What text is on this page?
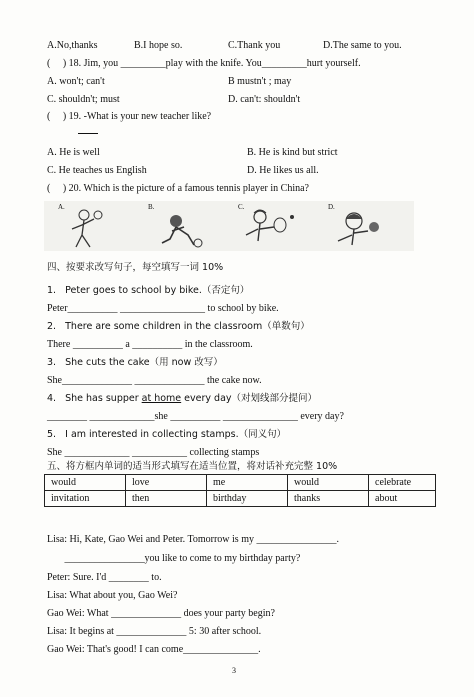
A.No,thanks	B.I hope so.	C.Thank you	D.The same to you.
(     ) 18. Jim, you _________play with the knife. You_________hurt yourself.
A. won't; can't	B mustn't ; may
C. shouldn't; must	D. can't: shouldn't
(     ) 19. -What is your new teacher like?
A. He is well	B. He is kind but strict
C. He teaches us English	D. He likes us all.
(     ) 20. Which is the picture of a famous tennis player in China?
A.	B.	C.	D.
四、按要求改写句子，每空填写一词 10%
1.   Peter goes to school by bike.（否定句）
Peter__________ _________________ to school by bike.
2.   There are some children in the classroom（单数句）
There __________ a __________ in the classroom.
3.   She cuts the cake（用 now 改写）
She______________ ______________ the cake now.
4.   She has supper at home every day（对划线部分提问）
________ _____________she __________ _______________ every day?
5.   I am interested in collecting stamps.（同义句）
She _____________ ___________ collecting stamps
五、将方框内单词的适当形式填写在适当位置，将对话补充完整 10%
would	love	me	would	celebrate
invitation	then	birthday	thanks	about
Lisa: Hi, Kate, Gao Wei and Peter. Tomorrow is my ________________.
________________you like to come to my birthday party?
Peter: Sure. I'd ________ to.
Lisa: What about you, Gao Wei?
Gao Wei: What ______________ does your party begin?
Lisa: It begins at ______________ 5: 30 after school.
Gao Wei: That's good! I can come_______________.
3
